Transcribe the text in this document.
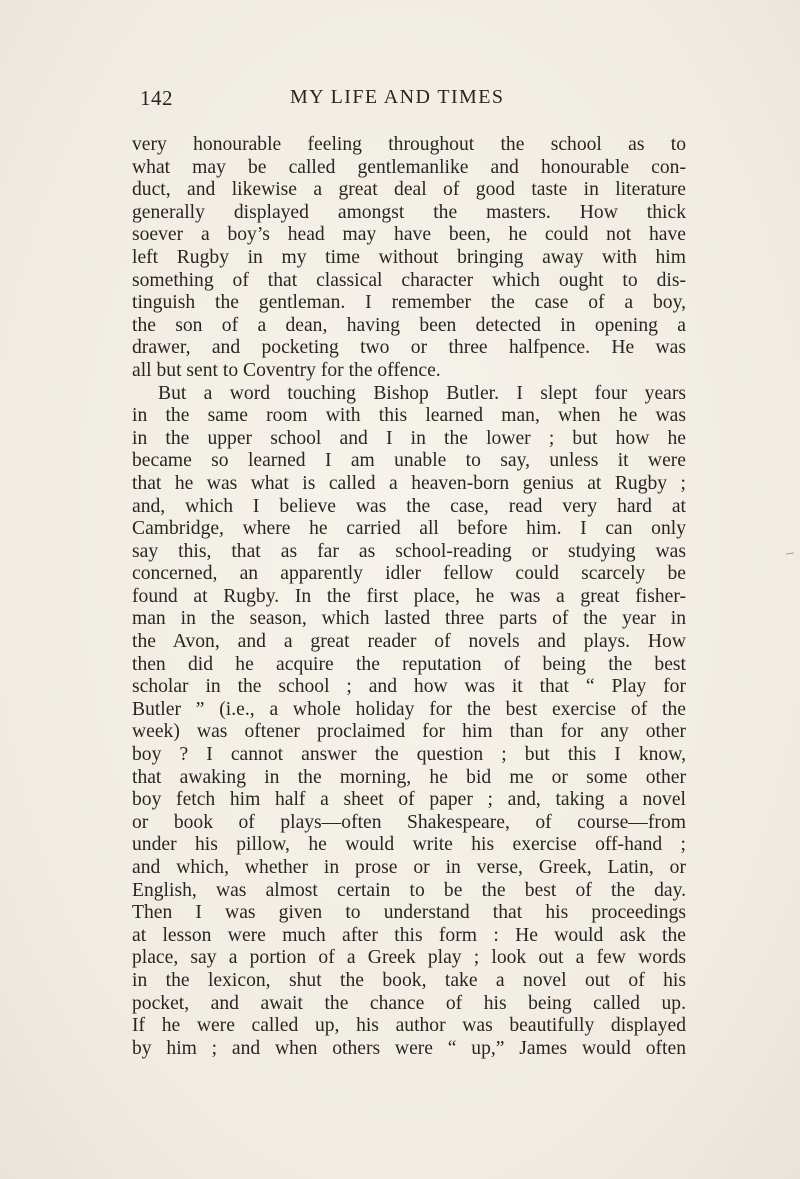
142	MY LIFE AND TIMES
very honourable feeling throughout the school as to
what may be called gentlemanlike and honourable con-
duct, and likewise a great deal of good taste in literature
generally displayed amongst the masters. How thick
soever a boy’s head may have been, he could not have
left Rugby in my time without bringing away with him
something of that classical character which ought to dis-
tinguish the gentleman. I remember the case of a boy,
the son of a dean, having been detected in opening a
drawer, and pocketing two or three halfpence. He was
all but sent to Coventry for the offence.
But a word touching Bishop Butler. I slept four years
in the same room with this learned man, when he was
in the upper school and I in the lower ; but how he
became so learned I am unable to say, unless it were
that he was what is called a heaven-born genius at Rugby ;
and, which I believe was the case, read very hard at
Cambridge, where he carried all before him. I can only
say this, that as far as school-reading or studying was
concerned, an apparently idler fellow could scarcely be
found at Rugby. In the first place, he was a great fisher-
man in the season, which lasted three parts of the year in
the Avon, and a great reader of novels and plays. How
then did he acquire the reputation of being the best
scholar in the school ; and how was it that “ Play for
Butler ” (i.e., a whole holiday for the best exercise of the
week) was oftener proclaimed for him than for any other
boy ? I cannot answer the question ; but this I know,
that awaking in the morning, he bid me or some other
boy fetch him half a sheet of paper ; and, taking a novel
or book of plays—often Shakespeare, of course—from
under his pillow, he would write his exercise off-hand ;
and which, whether in prose or in verse, Greek, Latin, or
English, was almost certain to be the best of the day.
Then I was given to understand that his proceedings
at lesson were much after this form : He would ask the
place, say a portion of a Greek play ; look out a few words
in the lexicon, shut the book, take a novel out of his
pocket, and await the chance of his being called up.
If he were called up, his author was beautifully displayed
by him ; and when others were “ up,” James would often
